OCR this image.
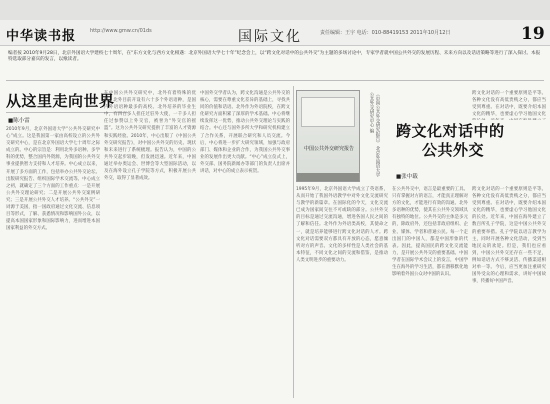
中华读书报	http://www.gmw.cn/01ds	国际文化	责任编辑：王宇 电话：010-88419153 2011年10月12日	19
编者按 2010年9月28日，北京外国语大学建校七十周年，在“东方文化与西方文化相遇：北京外国语大学七十年”纪念会上，以“跨文化对话中的公共外交”为主题的多场讨论中，专家学者就中国公共外交的发展历程、未来方向以及话语策略等进行了深入探讨。本报特选取部分嘉宾的发言，以飨读者。
从这里走向世界
■陈小雷
2010年9月，北京外国语大学“公共外交研究中心”成立。这是我国第一家由高校设立的公共外交研究中心，是在北京外国语大学七十周年之际成立的。中心的宗旨是：利用北外多语种、多学科的优势，整合国内外资源，为我国的公共外交事业提供智力支持和人才培养。中心成立以来，开展了多方面的工作，包括举办公共外交论坛、出版研究报告、组织国际学术交流等。中心成立之初，就确定了三个方面的工作重点：一是开展公共外交理论研究；二是开展公共外交案例研究；三是开展公共外交人才培养。“公共外交”一词源于美国，指一国政府通过文化交流、信息项目等形式，了解、获悉情况和影响国外公众，以提高本国国家形象和国际影响力，进而增进本国国家利益的外交方式。
在中国公共外交研究中，北外有着特殊的优势。北外目前开设有六十多个外语语种，是国内外语语种最多的高校。北外培养的毕业生中，有四百多人担任过驻外大使，一千多人担任过参赞以上外交官，被誉为“外交官的摇篮”。这为公共外交研究提供了丰富的人才资源和实践经验。2010年，中心出版了《中国公共外交研究报告》，对中国公共外交的历史、现状和未来进行了系统梳理。报告认为，中国的公共外交起步较晚，但发展迅速。近年来，中国通过举办奥运会、世博会等大型国际活动，以及在海外设立孔子学院等方式，积极开展公共外交，取得了显著成效。
中国外交学者认为，跨文化沟通是公共外交的核心，需要在尊重文化差异的基础上，寻找共同的价值和话语。北外作为外语院校，在跨文化研究方面积累了深厚的学术基础。中心将继续发挥这一优势，推动公共外交理论与实践的结合。中心还与国外多所大学和研究机构建立了合作关系，开展联合研究和人员交流。今后，中心将进一步扩大研究领域，加强与政府部门、媒体和企业的合作，为我国公共外交事业的发展作出更大贡献。“中心”成立仪式上，外交部、国务院新闻办等部门的负责人出席并讲话，对中心的成立表示祝贺。
中国公共外交研究报告	《中国公共外交研究报告》 北京外国语大学公共外交研究中心 编	跨文化对话中的
公共外交
■张中载
1995年9月，北京外国语大学成立了英语系，从而开始了我国外语教学中对外文化交流研究与教学的新篇章。在国际化的今天，文化交流已成为国家间交往不可或缺的部分。公共外交的目标是通过交流沟通，增进各国人民之间的了解和信任。北外作为外语类高校，其使命之一，就是培养能够进行跨文化对话的人才。跨文化对话需要双方都具有开放的心态，愿意倾听对方的声音。文化的多样性是人类社会的基本特征，不同文化之间的交流和借鉴，是推动人类文明进步的重要动力。
在公共外交中，语言是最重要的工具。只有掌握对方的语言，才能真正理解对方的文化，才能进行有效的沟通。北外多语种的优势，使其在公共外交领域具有独特的地位。公共外交的主体是多元的，除政府外，还包括非政府组织、企业、媒体、学者和普通公民。每一个走出国门的中国人，都是中国形象的代表。因此，提高国民的跨文化交流能力，是开展公共外交的重要基础。中国学者在国际学术会议上的发言，中国学生在海外的学习生活，都在潜移默化地影响着外国公众对中国的认识。
跨文化对话的一个重要原则是平等。各种文化没有高低贵贱之分，都应当受到尊重。在对话中，既要介绍本国文化的精华，也要虚心学习他国文化的长处。近年来，中国在海外建立了数百所孔子学院，这是中国公共外交的重要举措。孔子学院以语言教学为主，同时开展各种文化活动，受到当地民众的欢迎。但是，我们也应看到，中国公共外交还存在一些不足，例如话语方式不够灵活、传播渠道相对单一等。今后，应当更加注重研究国外受众的心理和需求，讲好中国故事，传播好中国声音。
跨文化对话的一个重要原则是平等。各种文化没有高低贵贱之分，都应当受到尊重。在对话中，既要介绍本国文化的精华，也要虚心学习他国文化
